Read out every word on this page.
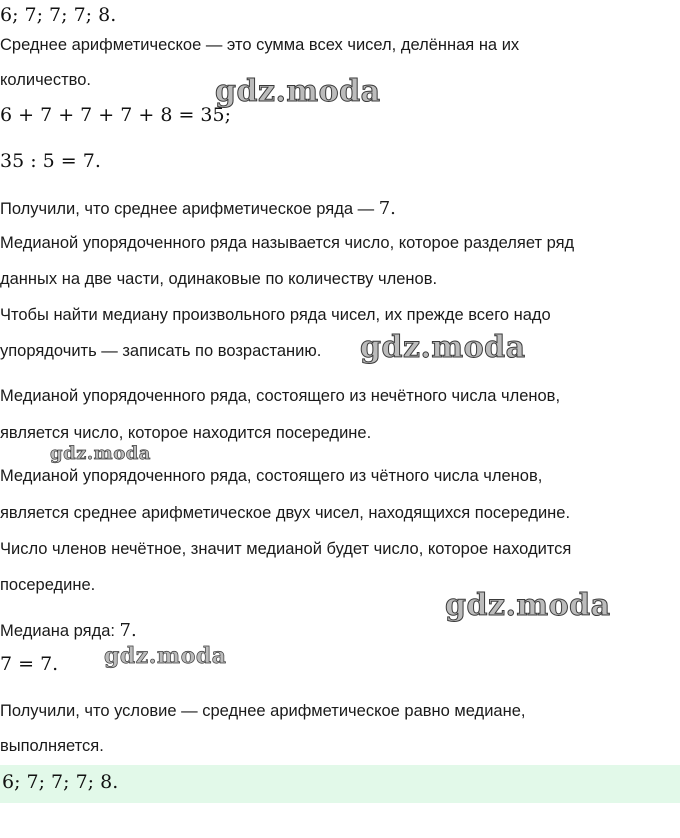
6; 7; 7; 7; 8.
Среднее арифметическое — это сумма всех чисел, делённая на их
количество.
6 + 7 + 7 + 7 + 8 = 35;
35 : 5 = 7.
Получили, что среднее арифметическое ряда — 7.
Медианой упорядоченного ряда называется число, которое разделяет ряд
данных на две части, одинаковые по количеству членов.
Чтобы найти медиану произвольного ряда чисел, их прежде всего надо
упорядочить — записать по возрастанию.
Медианой упорядоченного ряда, состоящего из нечётного числа членов,
является число, которое находится посередине.
Медианой упорядоченного ряда, состоящего из чётного числа членов,
является среднее арифметическое двух чисел, находящихся посередине.
Число членов нечётное, значит медианой будет число, которое находится
посередине.
Медиана ряда: 7.
7 = 7.
Получили, что условие — среднее арифметическое равно медиане,
выполняется.
6; 7; 7; 7; 8.
gdz.moda
gdz.moda
gdz.moda
gdz.moda
gdz.moda
